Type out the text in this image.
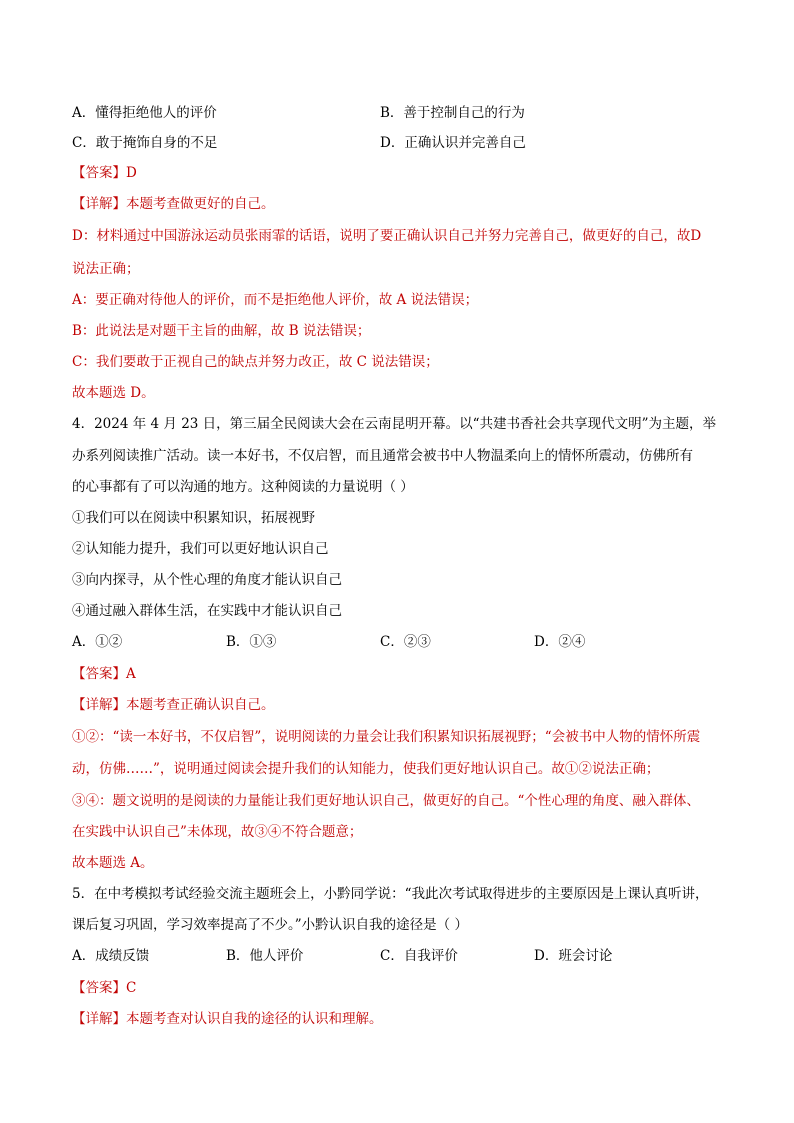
A．懂得拒绝他人的评价	B．善于控制自己的行为
C．敢于掩饰自身的不足	D．正确认识并完善自己
【答案】D
【详解】本题考查做更好的自己。
D：材料通过中国游泳运动员张雨霏的话语，说明了要正确认识自己并努力完善自己，做更好的自己，故D
说法正确；
A：要正确对待他人的评价，而不是拒绝他人评价，故 A 说法错误；
B：此说法是对题干主旨的曲解，故 B 说法错误；
C：我们要敢于正视自己的缺点并努力改正，故 C 说法错误；
故本题选 D。
4．2024 年 4 月 23 日，第三届全民阅读大会在云南昆明开幕。以“共建书香社会共享现代文明”为主题，举
办系列阅读推广活动。读一本好书，不仅启智，而且通常会被书中人物温柔向上的情怀所震动，仿佛所有
的心事都有了可以沟通的地方。这种阅读的力量说明（ ）
①我们可以在阅读中积累知识，拓展视野
②认知能力提升，我们可以更好地认识自己
③向内探寻，从个性心理的角度才能认识自己
④通过融入群体生活，在实践中才能认识自己
A．①②	B．①③	C．②③	D．②④
【答案】A
【详解】本题考查正确认识自己。
①②：“读一本好书，不仅启智”，说明阅读的力量会让我们积累知识拓展视野；“会被书中人物的情怀所震
动，仿佛……”，说明通过阅读会提升我们的认知能力，使我们更好地认识自己。故①②说法正确；
③④：题文说明的是阅读的力量能让我们更好地认识自己，做更好的自己。“个性心理的角度、融入群体、
在实践中认识自己”未体现，故③④不符合题意；
故本题选 A。
5．在中考模拟考试经验交流主题班会上，小黔同学说：“我此次考试取得进步的主要原因是上课认真听讲，
课后复习巩固，学习效率提高了不少。”小黔认识自我的途径是（ ）
A．成绩反馈	B．他人评价	C．自我评价	D．班会讨论
【答案】C
【详解】本题考查对认识自我的途径的认识和理解。
